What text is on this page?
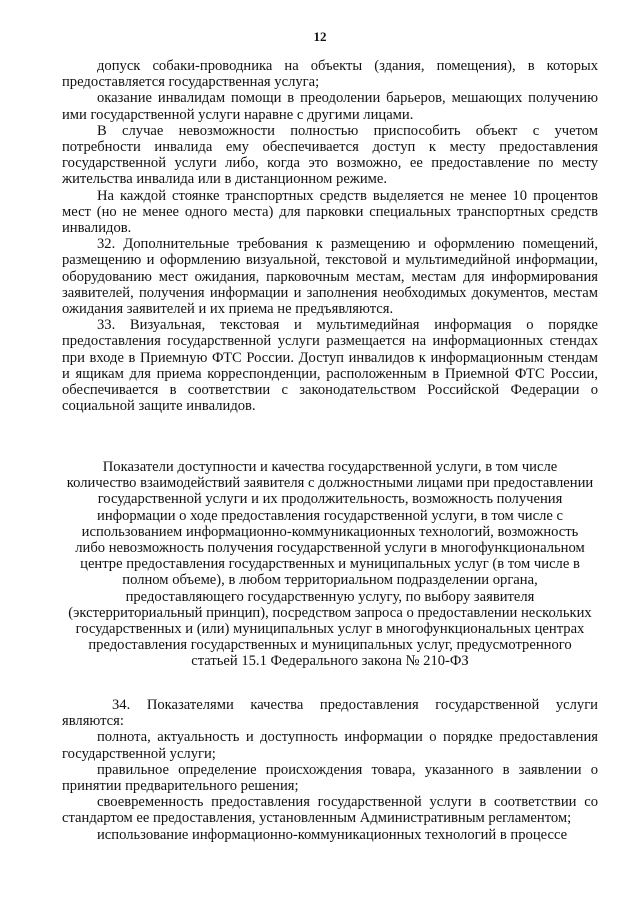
12

допуск собаки-проводника на объекты (здания, помещения), в которых предоставляется государственная услуга;

оказание инвалидам помощи в преодолении барьеров, мешающих получению ими государственной услуги наравне с другими лицами.

В случае невозможности полностью приспособить объект с учетом потребности инвалида ему обеспечивается доступ к месту предоставления государственной услуги либо, когда это возможно, ее предоставление по месту жительства инвалида или в дистанционном режиме.

На каждой стоянке транспортных средств выделяется не менее 10 процентов мест (но не менее одного места) для парковки специальных транспортных средств инвалидов.

32. Дополнительные требования к размещению и оформлению помещений, размещению и оформлению визуальной, текстовой и мультимедийной информации, оборудованию мест ожидания, парковочным местам, местам для информирования заявителей, получения информации и заполнения необходимых документов, местам ожидания заявителей и их приема не предъявляются.

33. Визуальная, текстовая и мультимедийная информация о порядке предоставления государственной услуги размещается на информационных стендах при входе в Приемную ФТС России. Доступ инвалидов к информационным стендам и ящикам для приема корреспонденции, расположенным в Приемной ФТС России, обеспечивается в соответствии с законодательством Российской Федерации о социальной защите инвалидов.

Показатели доступности и качества государственной услуги, в том числе

количество взаимодействий заявителя с должностными лицами при предоставлении

государственной услуги и их продолжительность, возможность получения

информации о ходе предоставления государственной услуги, в том числе с

использованием информационно-коммуникационных технологий, возможность

либо невозможность получения государственной услуги в многофункциональном

центре предоставления государственных и муниципальных услуг (в том числе в

полном объеме), в любом территориальном подразделении органа,

предоставляющего государственную услугу, по выбору заявителя

(экстерриториальный принцип), посредством запроса о предоставлении нескольких

государственных и (или) муниципальных услуг в многофункциональных центрах

предоставления государственных и муниципальных услуг, предусмотренного

статьей 15.1 Федерального закона № 210-ФЗ

34. Показателями качества предоставления государственной услуги являются:

полнота, актуальность и доступность информации о порядке предоставления государственной услуги;

правильное определение происхождения товара, указанного в заявлении о принятии предварительного решения;

своевременность предоставления государственной услуги в соответствии со стандартом ее предоставления, установленным Административным регламентом;

использование информационно-коммуникационных технологий в процессе
